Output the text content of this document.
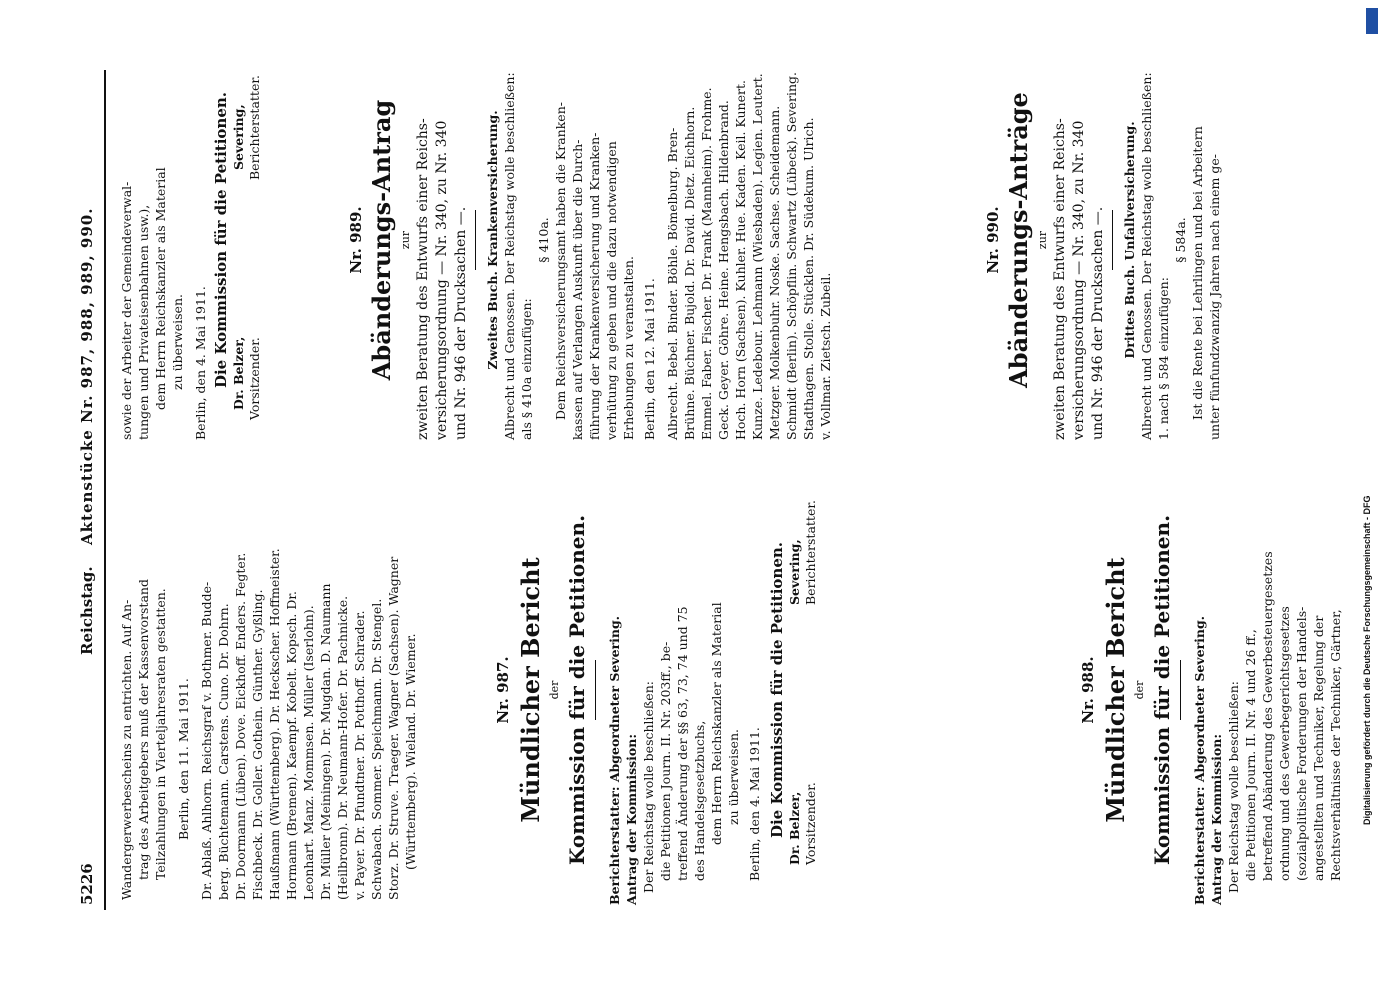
5226
Reichstag.
Aktenstücke Nr. 987, 988, 989, 990.
Digitalisierung gefördert durch die Deutsche Forschungsgemeinschaft - DFG
Wandergerwerbescheins zu entrichten. Auf An- trag des Arbeitgebers muß der Kassenvorstand Teilzahlungen in Vierteljahresraten gestatten. Berlin, den 11. Mai 1911. Dr. Ablaß. Ahlhorn. Reichsgraf v. Bothmer. Budde- berg. Büchtemann. Carstens. Cuno. Dr. Dohrn. Dr. Doormann (Lüben). Dove. Eickhoff. Enders. Fegter. Fischbeck. Dr. Goller. Gothein. Günther. Gyßling. Haußmann (Württemberg). Dr. Heckscher. Hoffmeister. Hormann (Bremen). Kaempf. Kobelt. Kopsch. Dr. Leonhart. Manz. Mommsen. Müller (Iserlohn). Dr. Müller (Meiningen). Dr. Mugdan. D. Naumann (Heilbronn). Dr. Neumann-Hofer. Dr. Pachnicke. v. Payer. Dr. Pfundtner. Dr. Potthoff. Schrader. Schwabach. Sommer. Speichmann. Dr. Stengel. Storz. Dr. Struve. Traeger. Wagner (Sachsen). Wagner (Württemberg). Wieland. Dr. Wiemer.	Nr. 987. Mündlicher Bericht der Kommission für die Petitionen. Berichterstatter: Abgeordneter Severing. Antrag der Kommission: Der Reichstag wolle beschließen: die Petitionen Journ. II. Nr. 203ff., be- treffend Änderung der §§ 63, 73, 74 und 75 des Handelsgesetzbuchs, dem Herrn Reichskanzler als Material zu überweisen. Berlin, den 4. Mai 1911. Die Kommission für die Petitionen. Dr. Belzer, Vorsitzender.
Severing, Berichterstatter.
Nr. 988. Mündlicher Bericht der Kommission für die Petitionen. Berichterstatter: Abgeordneter Severing. Antrag der Kommission: Der Reichstag wolle beschließen: die Petitionen Journ. II. Nr. 4 und 26 ff., betreffend Abänderung des Gewerbesteuergesetzes ordnung und des Gewerbegerichtsgesetzes (sozialpolitische Forderungen der Handels- angestellten und Techniker, Regelung der Rechtsverhältnisse der Techniker, Gärtner,
sowie der Arbeiter der Gemeindeverwal- tungen und Privateisenbahnen usw.), dem Herrn Reichskanzler als Material zu überweisen. Berlin, den 4. Mai 1911. Die Kommission für die Petitionen. Dr. Belzer, Vorsitzender.
Severing, Berichterstatter.
Nr. 989. Abänderungs-Antrag zur zweiten Beratung des Entwurfs einer Reichs- versicherungsordnung — Nr. 340, zu Nr. 340 und Nr. 946 der Drucksachen —. Zweites Buch. Krankenversicherung. Albrecht und Genossen. Der Reichstag wolle beschließen: als § 410a einzufügen:
§ 410a. Dem Reichsversicherungsamt haben die Kranken- kassen auf Verlangen Auskunft über die Durch- führung der Krankenversicherung und Kranken- verhütung zu geben und die dazu notwendigen Erhebungen zu veranstalten. Berlin, den 12. Mai 1911. Albrecht. Bebel. Binder. Böhle. Bömelburg. Bren- Brühne. Büchner. Bujold. Dr. David. Dietz. Eichhorn. Emmel. Faber. Fischer. Dr. Frank (Mannheim). Frohme. Geck. Geyer. Göhre. Heine. Hengsbach. Hildenbrand. Hoch. Horn (Sachsen). Kuhler. Hue. Kaden. Keil. Kunert. Kunze. Ledebour. Lehmann (Wiesbaden). Legien. Leutert. Metzger. Molkenbuhr. Noske. Sachse. Scheidemann. Schmidt (Berlin). Schöpflin. Schwartz (Lübeck). Severing. Stadthagen. Stolle. Stücklen. Dr. Südekum. Ulrich. v. Vollmar. Zietsch. Zubeil.
Nr. 990. Abänderungs-Anträge zur zweiten Beratung des Entwurfs einer Reichs- versicherungsordnung — Nr. 340, zu Nr. 340 und Nr. 946 der Drucksachen —. Drittes Buch. Unfallversicherung. Albrecht und Genossen. Der Reichstag wolle beschließen: 1. nach § 584 einzufügen:
§ 584a. Ist die Rente bei Lehrlingen und bei Arbeitern unter fünfundzwanzig Jahren nach einem ge-
